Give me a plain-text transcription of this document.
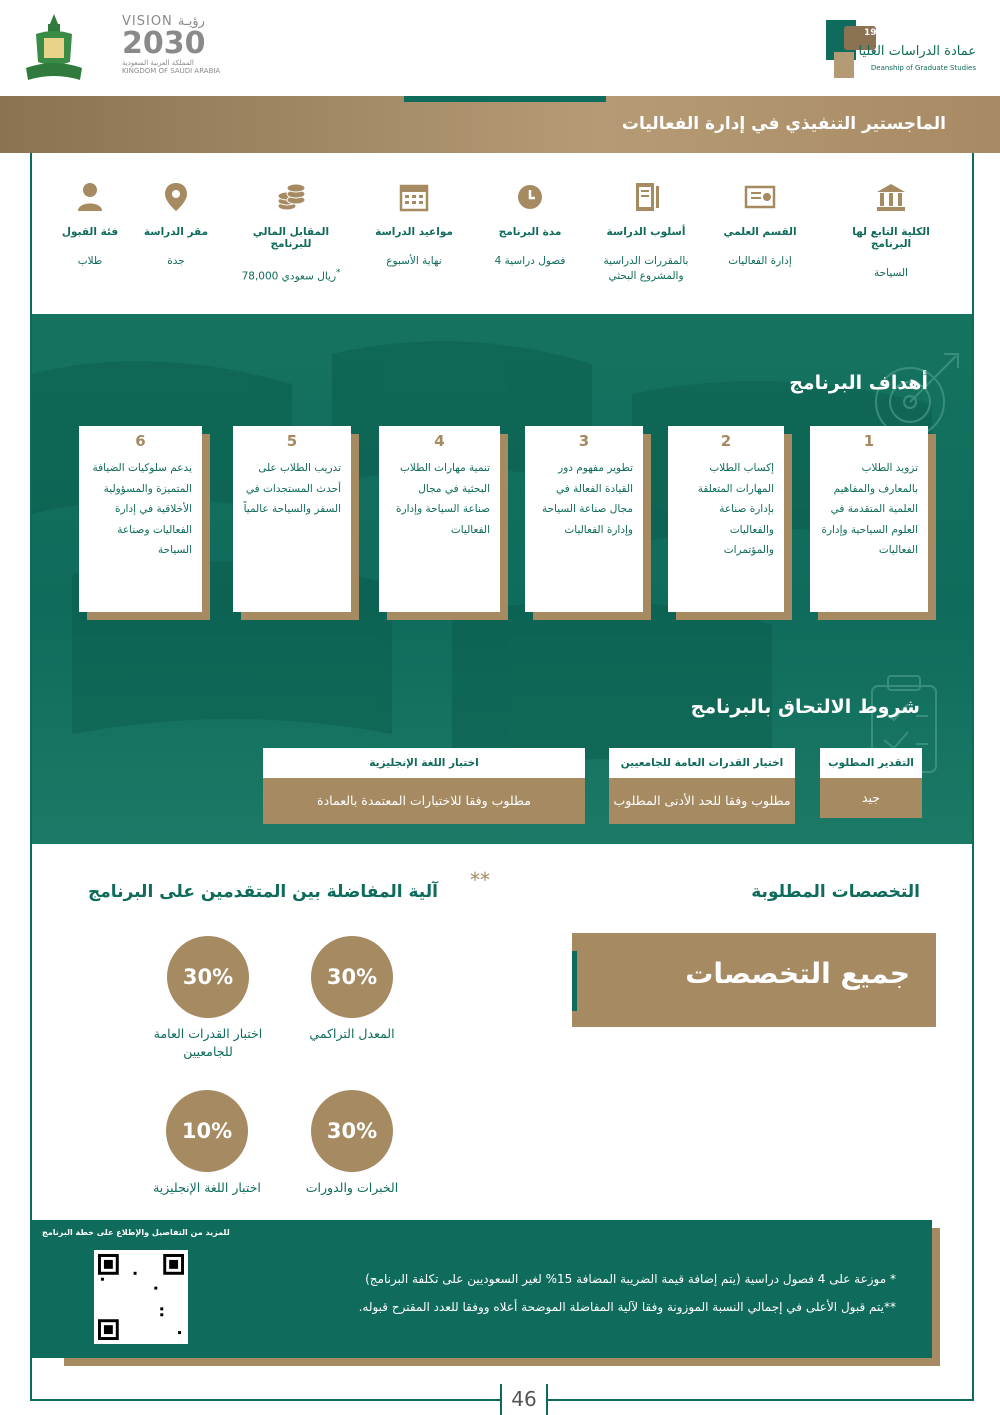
VISION رؤيـة
2030
المملكة العربية السعودية
KINGDOM OF SAUDI ARABIA
1976
عمادة الدراسات العليا
Deanship of Graduate Studies
الماجستير التنفيذي في إدارة الفعاليات
الكلية التابع لها البرنامج
السياحة
القسم العلمي
إدارة الفعاليات
أسلوب الدراسة
بالمقررات الدراسية والمشروع البحثي
مدة البرنامج
4 فصول دراسية
مواعيد الدراسة
نهاية الأسبوع
المقابل المالي للبرنامج
78,000 ريال سعودي*
مقر الدراسة
جدة
فئة القبول
طلاب
أهداف البرنامج
1
تزويد الطلاب بالمعارف والمفاهيم العلمية المتقدمة في العلوم السياحية وإدارة الفعاليات
2
إكساب الطلاب المهارات المتعلقة بإدارة صناعة والفعاليات والمؤتمرات
3
تطوير مفهوم دور القيادة الفعالة في مجال صناعة السياحة وإدارة الفعاليات
4
تنمية مهارات الطلاب البحثية في مجال صناعة السياحة وإدارة الفعاليات
5
تدريب الطلاب على أحدث المستجدات في السفر والسياحة عالمياً
6
يدعم سلوكيات الضيافة المتميزة والمسؤولية الأخلاقية في إدارة الفعاليات وصناعة السياحة
شروط الالتحاق بالبرنامج
التقدير المطلوب
جيد
اختيار القدرات العامة للجامعيين
مطلوب وفقا للحد الأدنى المطلوب
اختبار اللغة الإنجليزية
مطلوب وفقا للاختبارات المعتمدة بالعمادة
التخصصات المطلوبة
جميع التخصصات
آلية المفاضلة بين المتقدمين على البرنامج **
30%
المعدل التراكمي
30%
اختبار القدرات العامة للجامعيين
30%
الخبرات والدورات
10%
اختبار اللغة الإنجليزية
للمزيد من التفاصيل والإطلاع على خطة البرنامج
* موزعة على 4 فصول دراسية (يتم إضافة قيمة الضريبة المضافة 15% لغير السعوديين على تكلفة البرنامج)
**يتم قبول الأعلى في إجمالي النسبة الموزونة وفقا لآلية المفاضلة الموضحة أعلاه ووفقا للعدد المقترح قبوله.
46
